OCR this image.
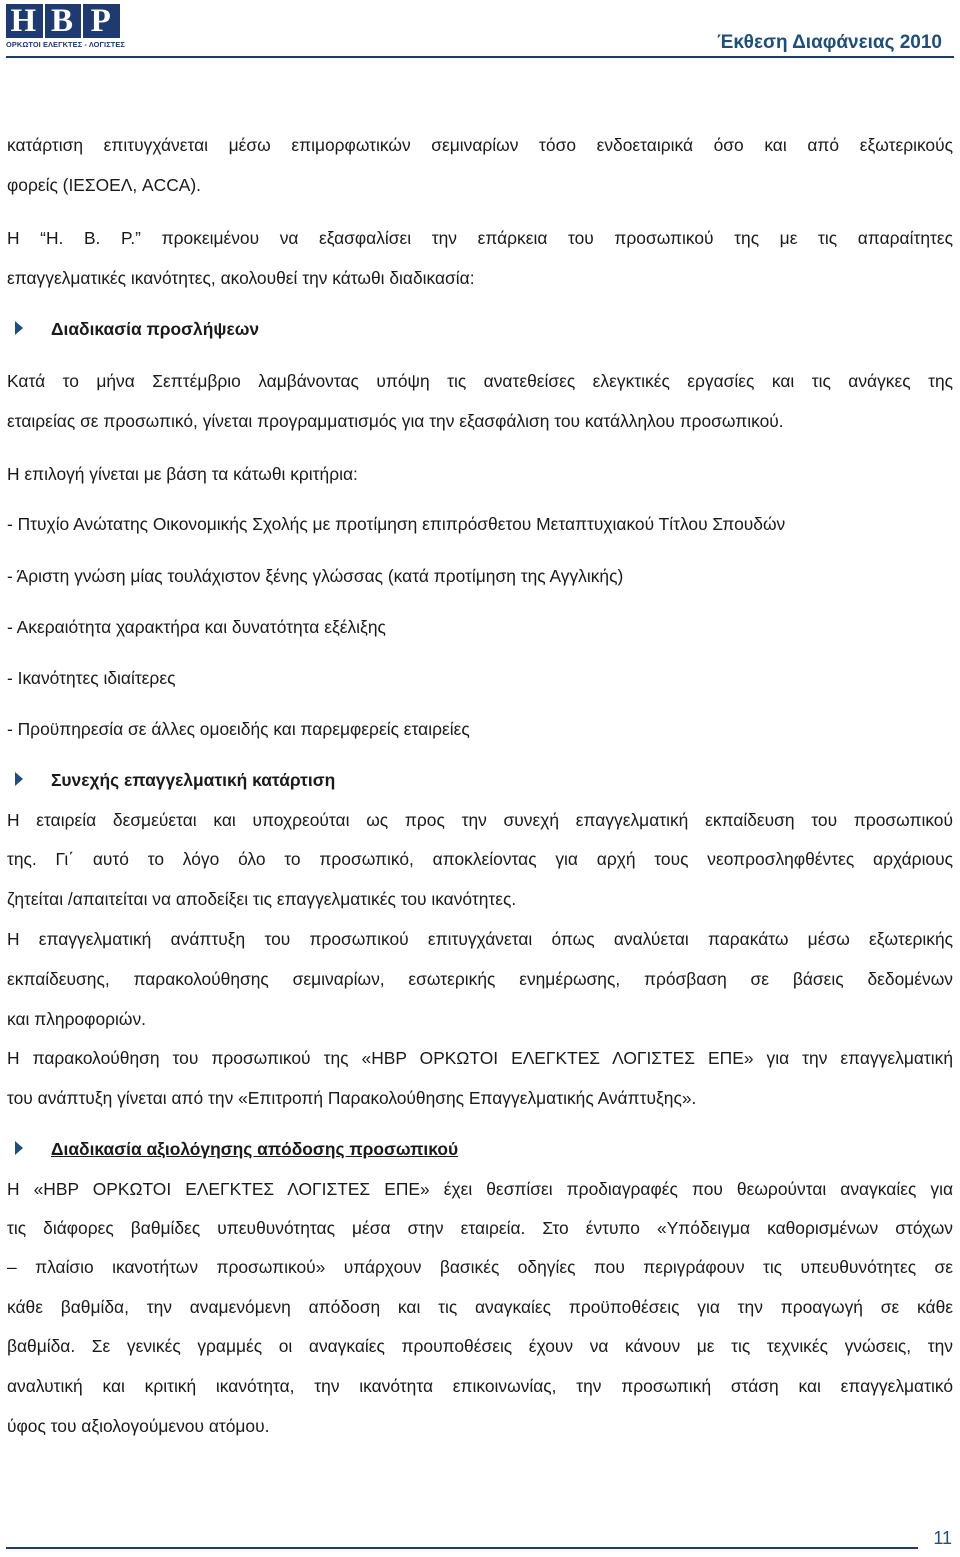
H B P
ΟΡΚΩΤΟΙ ΕΛΕΓΚΤΕΣ - ΛΟΓΙΣΤΕΣ	Έκθεση Διαφάνειας 2010
κατάρτιση επιτυγχάνεται μέσω επιμορφωτικών σεμιναρίων τόσο ενδοεταιρικά όσο και από εξωτερικούς
φορείς (ΙΕΣΟΕΛ, ACCA).
Η “Η. Β. Ρ.” προκειμένου να εξασφαλίσει την επάρκεια του προσωπικού της με τις απαραίτητες
επαγγελματικές ικανότητες, ακολουθεί την κάτωθι διαδικασία:
Διαδικασία προσλήψεων
Κατά το μήνα Σεπτέμβριο λαμβάνοντας υπόψη τις ανατεθείσες ελεγκτικές εργασίες και τις ανάγκες της
εταιρείας σε προσωπικό, γίνεται προγραμματισμός για την εξασφάλιση του κατάλληλου προσωπικού.
Η επιλογή γίνεται με βάση τα κάτωθι κριτήρια:
- Πτυχίο Ανώτατης Οικονομικής Σχολής με προτίμηση επιπρόσθετου Μεταπτυχιακού Τίτλου Σπουδών
- Άριστη γνώση μίας τουλάχιστον ξένης γλώσσας (κατά προτίμηση της Αγγλικής)
- Ακεραιότητα χαρακτήρα και δυνατότητα εξέλιξης
- Ικανότητες ιδιαίτερες
- Προϋπηρεσία σε άλλες ομοειδής και παρεμφερείς εταιρείες
Συνεχής επαγγελματική κατάρτιση
Η εταιρεία δεσμεύεται και υποχρεούται ως προς την συνεχή επαγγελματική εκπαίδευση του προσωπικού
της. Γι΄ αυτό το λόγο όλο το προσωπικό, αποκλείοντας για αρχή τους νεοπροσληφθέντες αρχάριους
ζητείται /απαιτείται να αποδείξει τις επαγγελματικές του ικανότητες.
Η επαγγελματική ανάπτυξη του προσωπικού επιτυγχάνεται όπως αναλύεται παρακάτω μέσω εξωτερικής
εκπαίδευσης, παρακολούθησης σεμιναρίων, εσωτερικής ενημέρωσης, πρόσβαση σε βάσεις δεδομένων
και πληροφοριών.
Η παρακολούθηση του προσωπικού της «HBP ΟΡΚΩΤΟΙ ΕΛΕΓΚΤΕΣ ΛΟΓΙΣΤΕΣ ΕΠΕ» για την επαγγελματική
του ανάπτυξη γίνεται από την «Επιτροπή Παρακολούθησης Επαγγελματικής Ανάπτυξης».
Διαδικασία αξιολόγησης απόδοσης προσωπικού
Η «HBP ΟΡΚΩΤΟΙ ΕΛΕΓΚΤΕΣ ΛΟΓΙΣΤΕΣ ΕΠΕ» έχει θεσπίσει προδιαγραφές που θεωρούνται αναγκαίες για
τις διάφορες βαθμίδες υπευθυνότητας μέσα στην εταιρεία. Στο έντυπο «Υπόδειγμα καθορισμένων στόχων
– πλαίσιο ικανοτήτων προσωπικού» υπάρχουν βασικές οδηγίες που περιγράφουν τις υπευθυνότητες σε
κάθε βαθμίδα, την αναμενόμενη απόδοση και τις αναγκαίες προϋποθέσεις για την προαγωγή σε κάθε
βαθμίδα. Σε γενικές γραμμές οι αναγκαίες προυποθέσεις έχουν να κάνουν με τις τεχνικές γνώσεις, την
αναλυτική και κριτική ικανότητα, την ικανότητα επικοινωνίας, την προσωπική στάση και επαγγελματικό
ύφος του αξιολογούμενου ατόμου.
11
